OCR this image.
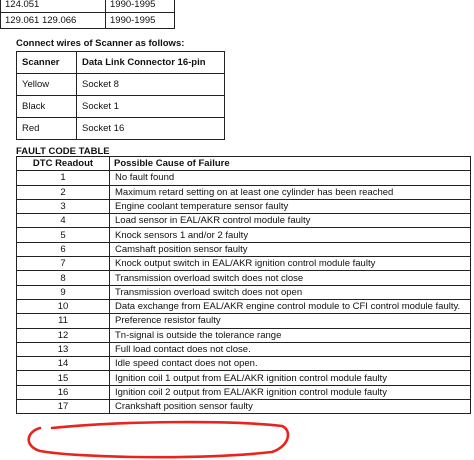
124.051	1990-1995
129.061 129.066	1990-1995
Connect wires of Scanner as follows:
Scanner	Data Link Connector 16-pin
Yellow	Socket 8
Black	Socket 1
Red	Socket 16
FAULT CODE TABLE
DTC Readout	Possible Cause of Failure
1	No fault found
2	Maximum retard setting on at least one cylinder has been reached
3	Engine coolant temperature sensor faulty
4	Load sensor in EAL/AKR control module faulty
5	Knock sensors 1 and/or 2 faulty
6	Camshaft position sensor faulty
7	Knock output switch in EAL/AKR ignition control module faulty
8	Transmission overload switch does not close
9	Transmission overload switch does not open
10	Data exchange from EAL/AKR engine control module to CFI control module faulty.
11	Preference resistor faulty
12	Tn-signal is outside the tolerance range
13	Full load contact does not close.
14	Idle speed contact does not open.
15	Ignition coil 1 output from EAL/AKR ignition control module faulty
16	Ignition coil 2 output from EAL/AKR ignition control module faulty
17	Crankshaft position sensor faulty
